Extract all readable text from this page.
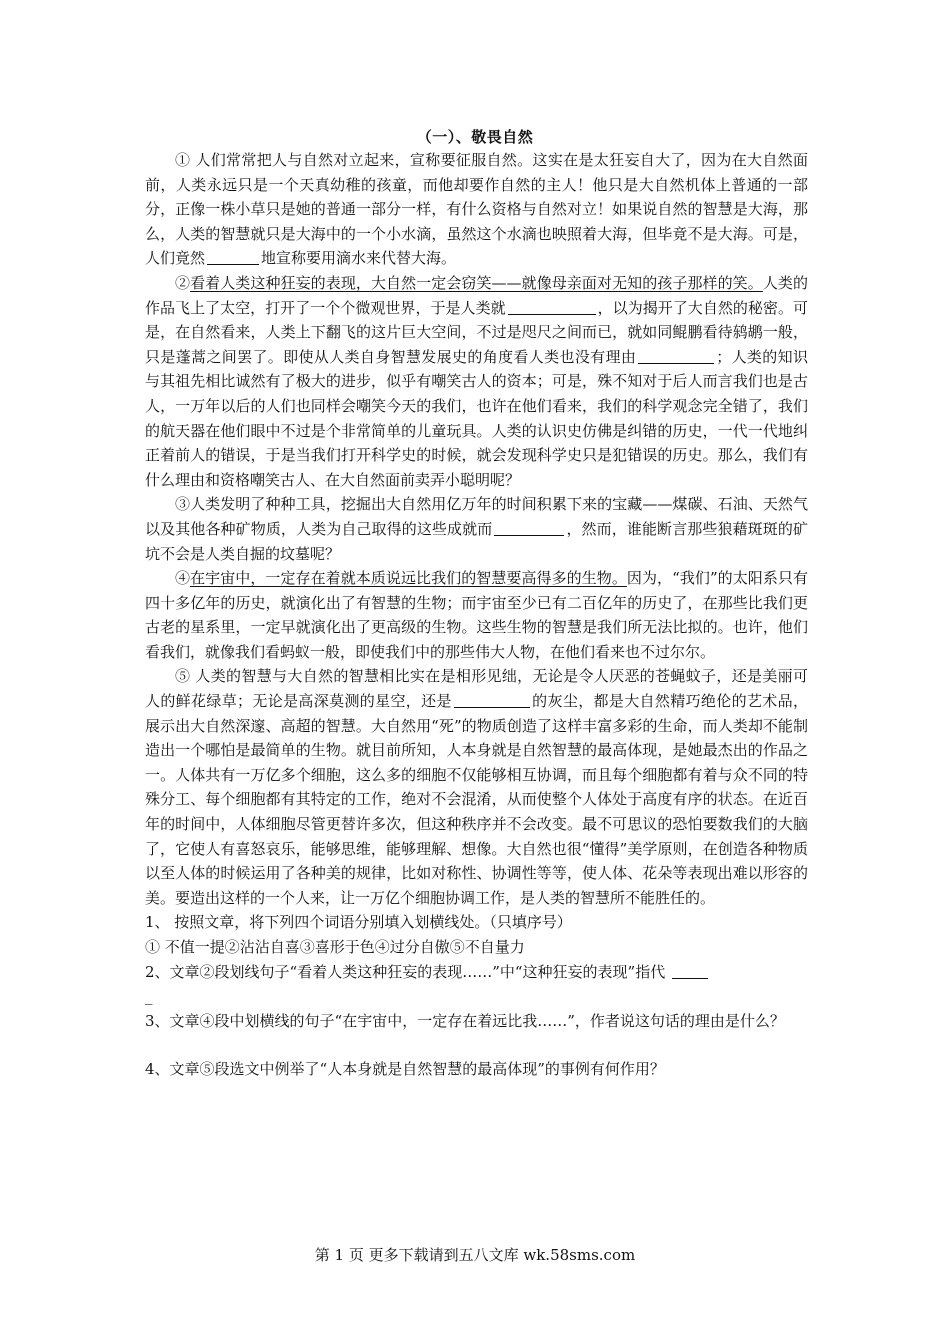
（一）、敬畏自然

① 人们常常把人与自然对立起来，宣称要征服自然。这实在是太狂妄自大了，因为在大自然面前，人类永远只是一个天真幼稚的孩童，而他却要作自然的主人！他只是大自然机体上普通的一部分，正像一株小草只是她的普通一部分一样，有什么资格与自然对立！如果说自然的智慧是大海，那么，人类的智慧就只是大海中的一个小水滴，虽然这个水滴也映照着大海，但毕竟不是大海。可是，人们竟然	地宣称要用滴水来代替大海。

②看着人类这种狂妄的表现，大自然一定会窃笑——就像母亲面对无知的孩子那样的笑。人类的作品飞上了太空，打开了一个个微观世界，于是人类就	，以为揭开了大自然的秘密。可是，在自然看来，人类上下翻飞的这片巨大空间，不过是咫尺之间而已，就如同鲲鹏看待鸫鹕一般，只是蓬蒿之间罢了。即使从人类自身智慧发展史的角度看人类也没有理由	；人类的知识与其祖先相比诚然有了极大的进步，似乎有嘲笑古人的资本；可是，殊不知对于后人而言我们也是古人，一万年以后的人们也同样会嘲笑今天的我们，也许在他们看来，我们的科学观念完全错了，我们的航天器在他们眼中不过是个非常简单的儿童玩具。人类的认识史仿佛是纠错的历史，一代一代地纠正着前人的错误，于是当我们打开科学史的时候，就会发现科学史只是犯错误的历史。那么，我们有什么理由和资格嘲笑古人、在大自然面前卖弄小聪明呢？

③人类发明了种种工具，挖掘出大自然用亿万年的时间积累下来的宝藏——煤碳、石油、天然气以及其他各种矿物质，人类为自己取得的这些成就而	，然而，谁能断言那些狼藉斑斑的矿坑不会是人类自掘的坟墓呢？

④在宇宙中，一定存在着就本质说远比我们的智慧要高得多的生物。因为，“我们”的太阳系只有四十多亿年的历史，就演化出了有智慧的生物；而宇宙至少已有二百亿年的历史了，在那些比我们更古老的星系里，一定早就演化出了更高级的生物。这些生物的智慧是我们所无法比拟的。也许，他们看我们，就像我们看蚂蚁一般，即使我们中的那些伟大人物，在他们看来也不过尔尔。

⑤ 人类的智慧与大自然的智慧相比实在是相形见绌，无论是令人厌恶的苍蝇蚊子，还是美丽可人的鲜花绿草；无论是高深莫测的星空，还是	的灰尘，都是大自然精巧绝伦的艺术品，展示出大自然深邃、高超的智慧。大自然用“死”的物质创造了这样丰富多彩的生命，而人类却不能制造出一个哪怕是最简单的生物。就目前所知，人本身就是自然智慧的最高体现，是她最杰出的作品之一。人体共有一万亿多个细胞，这么多的细胞不仅能够相互协调，而且每个细胞都有着与众不同的特殊分工、每个细胞都有其特定的工作，绝对不会混淆，从而使整个人体处于高度有序的状态。在近百年的时间中，人体细胞尽管更替许多次，但这种秩序并不会改变。最不可思议的恐怕要数我们的大脑了，它使人有喜怒哀乐，能够思维，能够理解、想像。大自然也很“懂得”美学原则，在创造各种物质以至人体的时候运用了各种美的规律，比如对称性、协调性等等，使人体、花朵等表现出难以形容的美。要造出这样的一个人来，让一万亿个细胞协调工作，是人类的智慧所不能胜任的。

1、 按照文章，将下列四个词语分别填入划横线处。（只填序号）

① 不值一提②沾沾自喜③喜形于色④过分自傲⑤不自量力

2、文章②段划线句子“看着人类这种狂妄的表现……”中“这种狂妄的表现”指代
_

3、文章④段中划横线的句子“在宇宙中，一定存在着远比我……”，作者说这句话的理由是什么？

4、文章⑤段选文中例举了“人本身就是自然智慧的最高体现”的事例有何作用？

第 1 页 更多下载请到五八文库 wk.58sms.com
